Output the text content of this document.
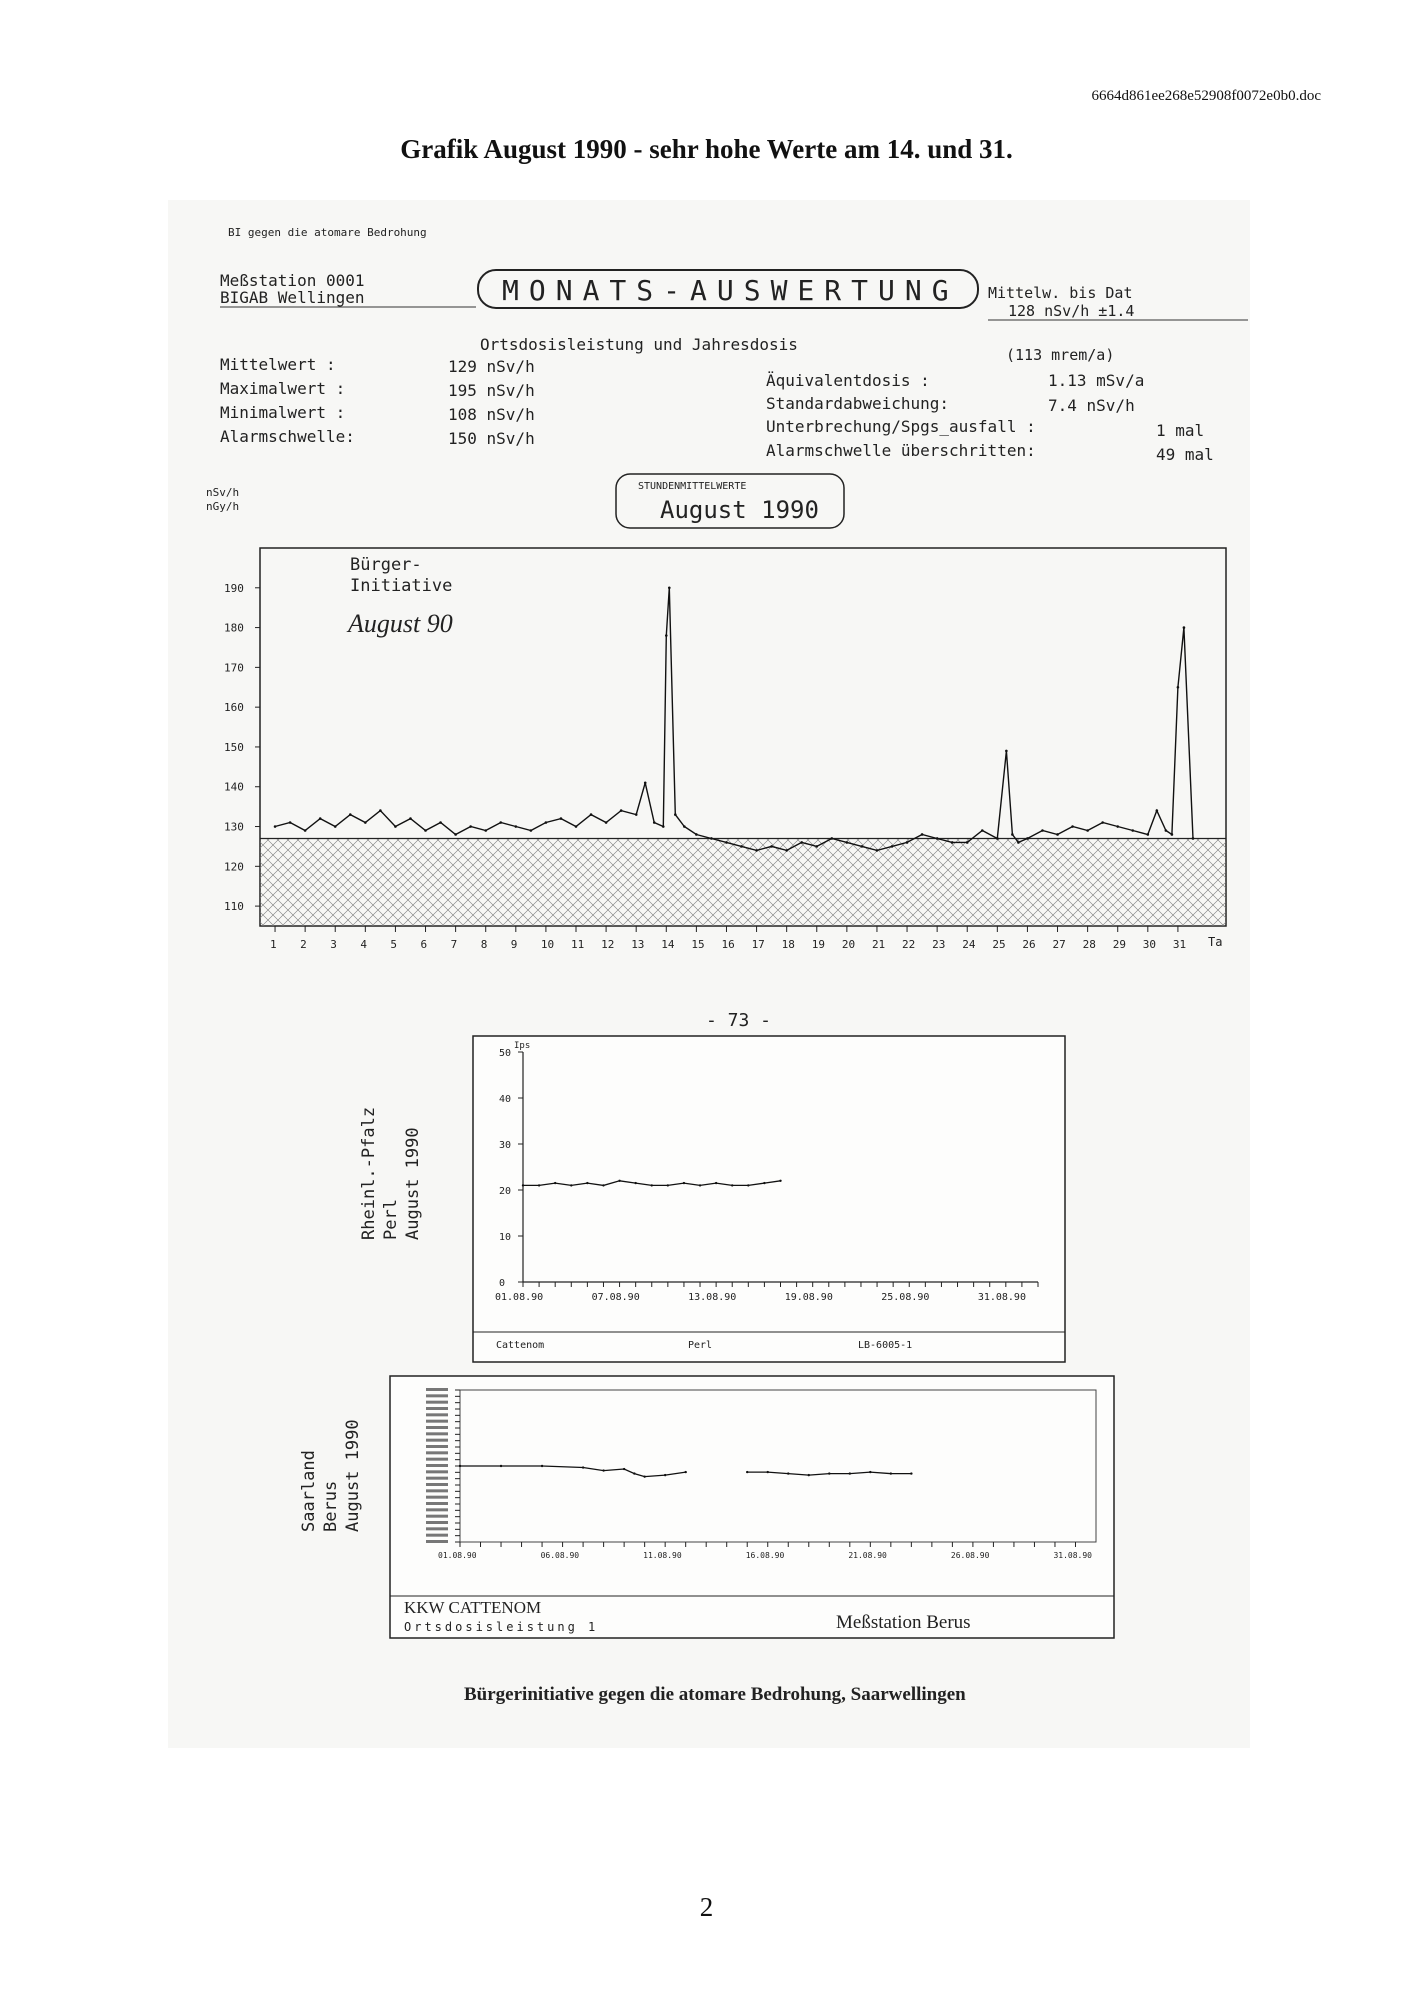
6664d861ee268e52908f0072e0b0.doc
Grafik August 1990 - sehr hohe Werte am 14. und 31.
BI gegen die atomare Bedrohung
Meßstation 0001
BIGAB Wellingen	MONATS-AUSWERTUNG Mittelw. bis Dat
128 nSv/h ±1.4
Ortsdosisleistung und Jahresdosis
(113 mrem/a)
Mittelwert :	129 nSv/h
Maximalwert :	195 nSv/h
Minimalwert :	108 nSv/h
Alarmschwelle:	150 nSv/h
Äquivalentdosis :	1.13 mSv/a
Standardabweichung:	7.4 nSv/h
Unterbrechung/Spgs_ausfall :	1 mal
Alarmschwelle überschritten:	49 mal
STUNDENMITTELWERTE
August 1990
nSv/h
nGy/h
110
120
130
140
150
160
170
180
190
1 2 3 4 5 6 7 8 9 10 11 12 13 14 15 16 17 18 19 20 21 22 23 24 25 26 27 28 29 30 31
Bürger-
Initiative
August 90
Ta
- 73 -
0
10
20
30
40
50
01.08.90	07.08.90	13.08.90	19.08.90	25.08.90	31.08.90
Ips
Cattenom	Perl	LB-6005-1
Rheinl.-Pfalz Perl August 1990
01.08.90	06.08.90	11.08.90	16.08.90	21.08.90	26.08.90	31.08.90
KKW CATTENOM
Ortsdosisleistung 1	Meßstation Berus
Saarland Berus August 1990
Bürgerinitiative gegen die atomare Bedrohung, Saarwellingen
2
